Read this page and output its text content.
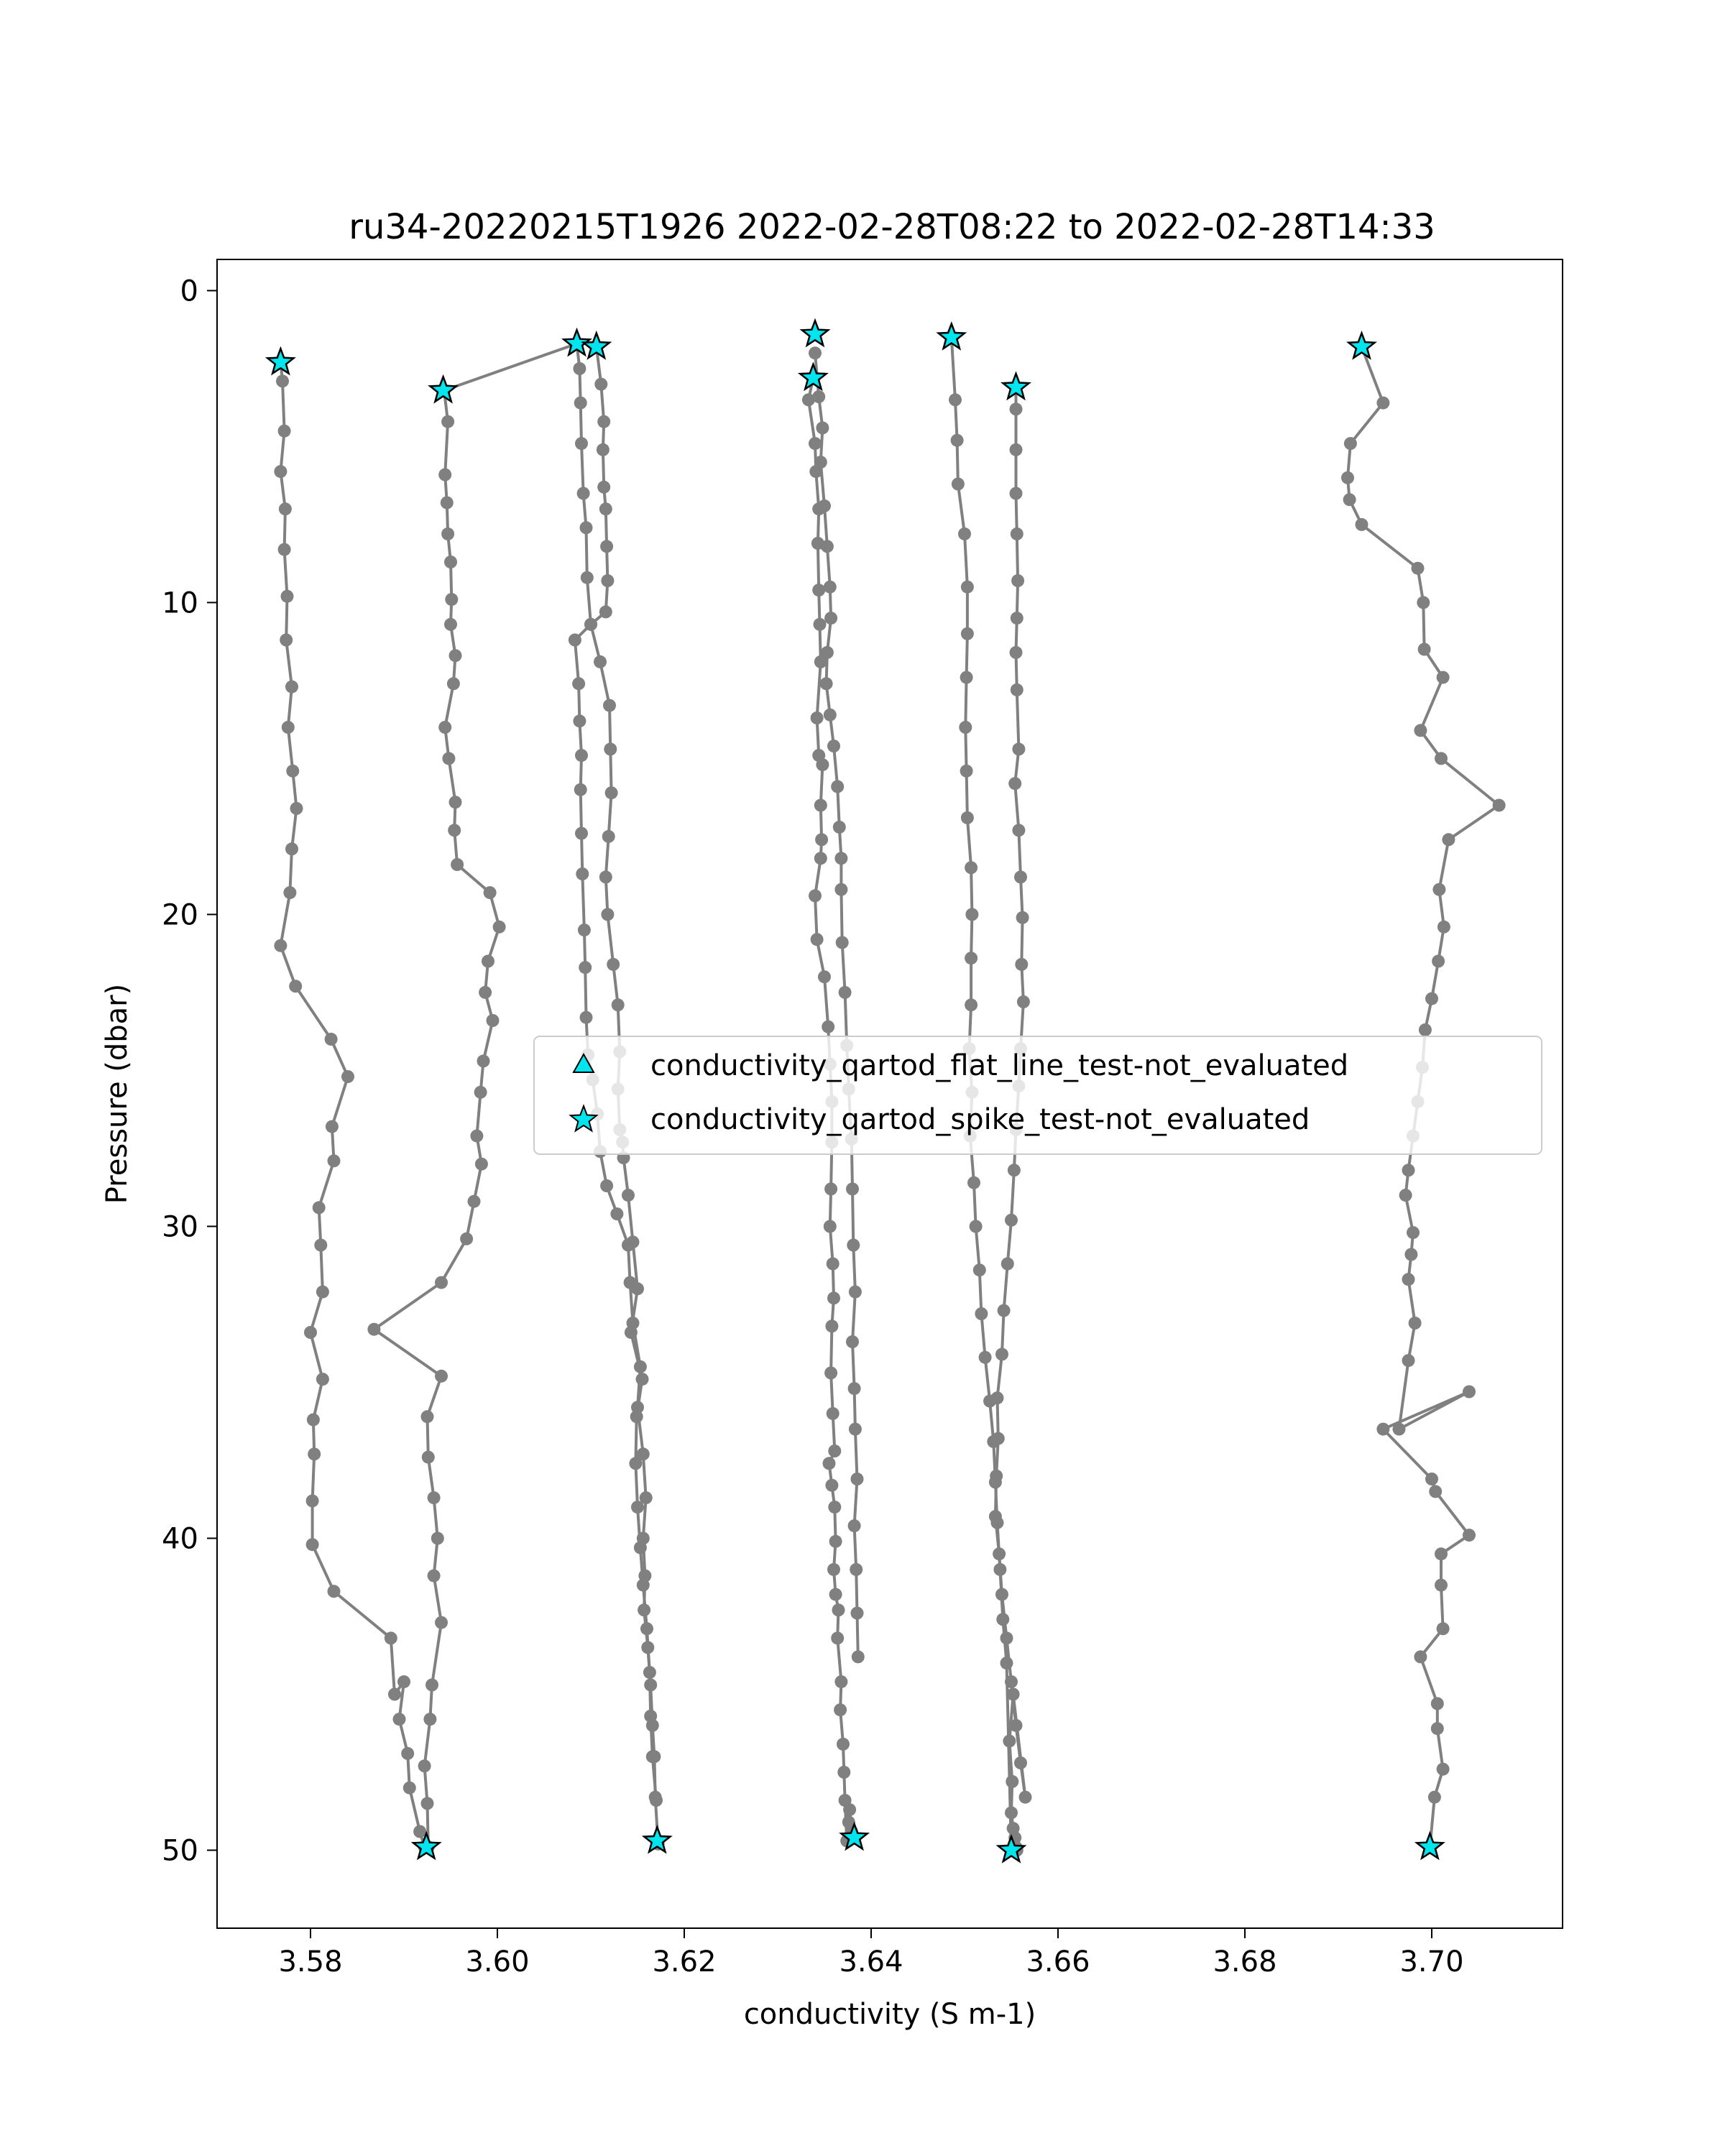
ru34-20220215T1926 2022-02-28T08:22 to 2022-02-28T14:33
3.58	3.60	3.62	3.64	3.66	3.68	3.70
0
10
20
30
40
50
conductivity (S m-1)
Pressure (dbar)	conductivity_qartod_flat_line_test-not_evaluated
conductivity_qartod_spike_test-not_evaluated
